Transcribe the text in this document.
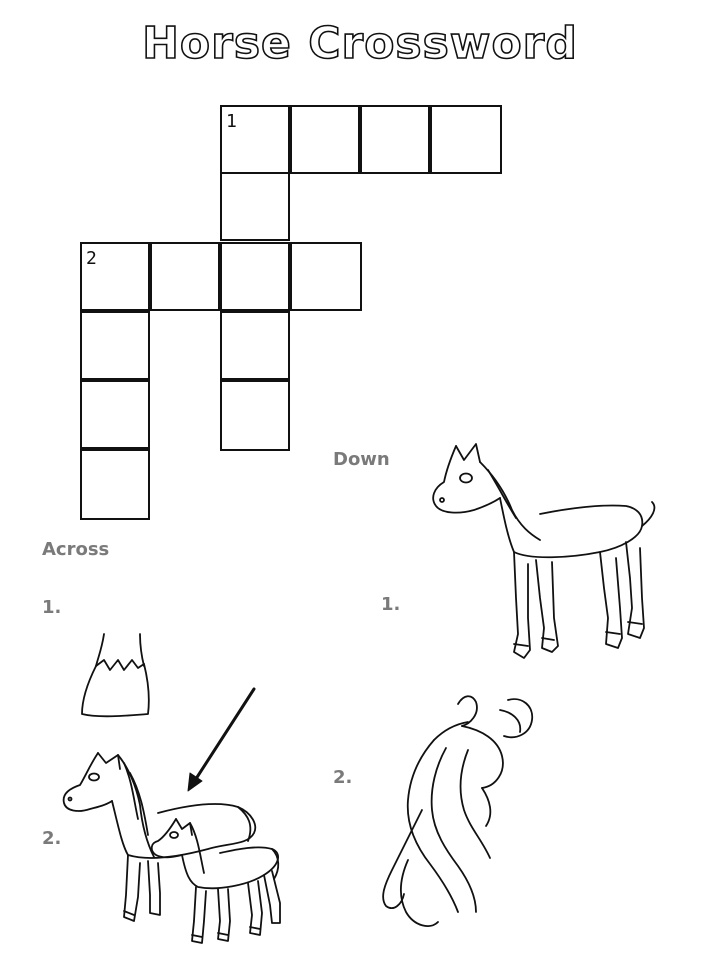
Horse Crossword
1
2
Down
Across
1.
2.
1.
2.
